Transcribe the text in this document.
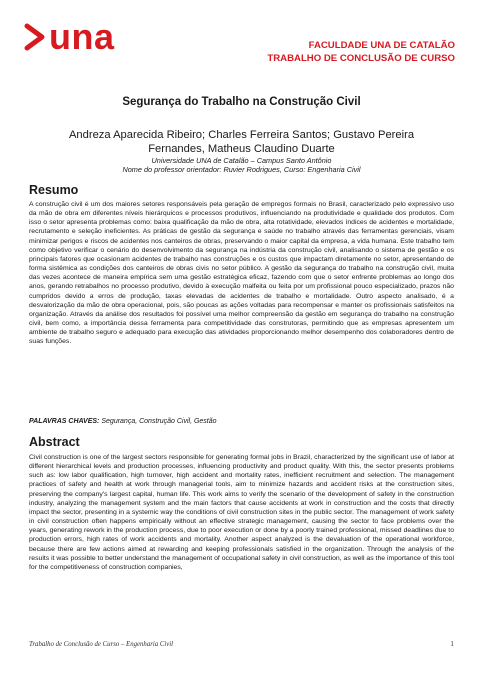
una	FACULDADE UNA DE CATALÃO
TRABALHO DE CONCLUSÃO DE CURSO
Segurança do Trabalho na Construção Civil
Andreza Aparecida Ribeiro; Charles Ferreira Santos; Gustavo Pereira
Fernandes, Matheus Claudino Duarte
Universidade UNA de Catalão – Campus Santo Antônio
Nome do professor orientador: Ruvier Rodrigues, Curso: Engenharia Civil
Resumo
A construção civil é um dos maiores setores responsáveis pela geração de empregos formais no Brasil, caracterizado pelo expressivo uso da mão de obra em diferentes níveis hierárquicos e processos produtivos, influenciando na produtividade e qualidade dos produtos. Com isso o setor apresenta problemas como: baixa qualificação da mão de obra, alta rotatividade, elevados índices de acidentes e mortalidade, recrutamento e seleção ineficientes. As práticas de gestão da segurança e saúde no trabalho através das ferramentas gerenciais, visam minimizar perigos e riscos de acidentes nos canteiros de obras, preservando o maior capital da empresa, a vida humana. Este trabalho tem como objetivo verificar o cenário do desenvolvimento da segurança na indústria da construção civil, analisando o sistema de gestão e os principais fatores que ocasionam acidentes de trabalho nas construções e os custos que impactam diretamente no setor, apresentando de forma sistêmica as condições dos canteiros de obras civis no setor público. A gestão da segurança do trabalho na construção civil, muita das vezes acontece de maneira empírica sem uma gestão estratégica eficaz, fazendo com que o setor enfrente problemas ao longo dos anos, gerando retrabalhos no processo produtivo, devido à execução malfeita ou feita por um profissional pouco especializado, prazos não cumpridos devido a erros de produção, taxas elevadas de acidentes de trabalho e mortalidade. Outro aspecto analisado, é a desvalorização da mão de obra operacional, pois, são poucas as ações voltadas para recompensar e manter os profissionais satisfeitos na organização. Através da análise dos resultados foi possível uma melhor compreensão da gestão em segurança do trabalho na construção civil, bem como, a importância dessa ferramenta para competitividade das construtoras, permitindo que as empresas apresentem um ambiente de trabalho seguro e adequado para execução das atividades proporcionando melhor desempenho dos colaboradores dentro de suas funções.
PALAVRAS CHAVES: Segurança, Construção Civil, Gestão
Abstract
Civil construction is one of the largest sectors responsible for generating formal jobs in Brazil, characterized by the significant use of labor at different hierarchical levels and production processes, influencing productivity and product quality. With this, the sector presents problems such as: low labor qualification, high turnover, high accident and mortality rates, inefficient recruitment and selection. The management practices of safety and health at work through managerial tools, aim to minimize hazards and accident risks at the construction sites, preserving the company's largest capital, human life. This work aims to verify the scenario of the development of safety in the construction industry, analyzing the management system and the main factors that cause accidents at work in construction and the costs that directly impact the sector, presenting in a systemic way the conditions of civil construction sites in the public sector. The management of work safety in civil construction often happens empirically without an effective strategic management, causing the sector to face problems over the years, generating rework in the production process, due to poor execution or done by a poorly trained professional, missed deadlines due to production errors, high rates of work accidents and mortality. Another aspect analyzed is the devaluation of the operational workforce, because there are few actions aimed at rewarding and keeping professionals satisfied in the organization. Through the analysis of the results it was possible to better understand the management of occupational safety in civil construction, as well as the importance of this tool for the competitiveness of construction companies,
Trabalho de Conclusão de Curso – Engenharia Civil	1
